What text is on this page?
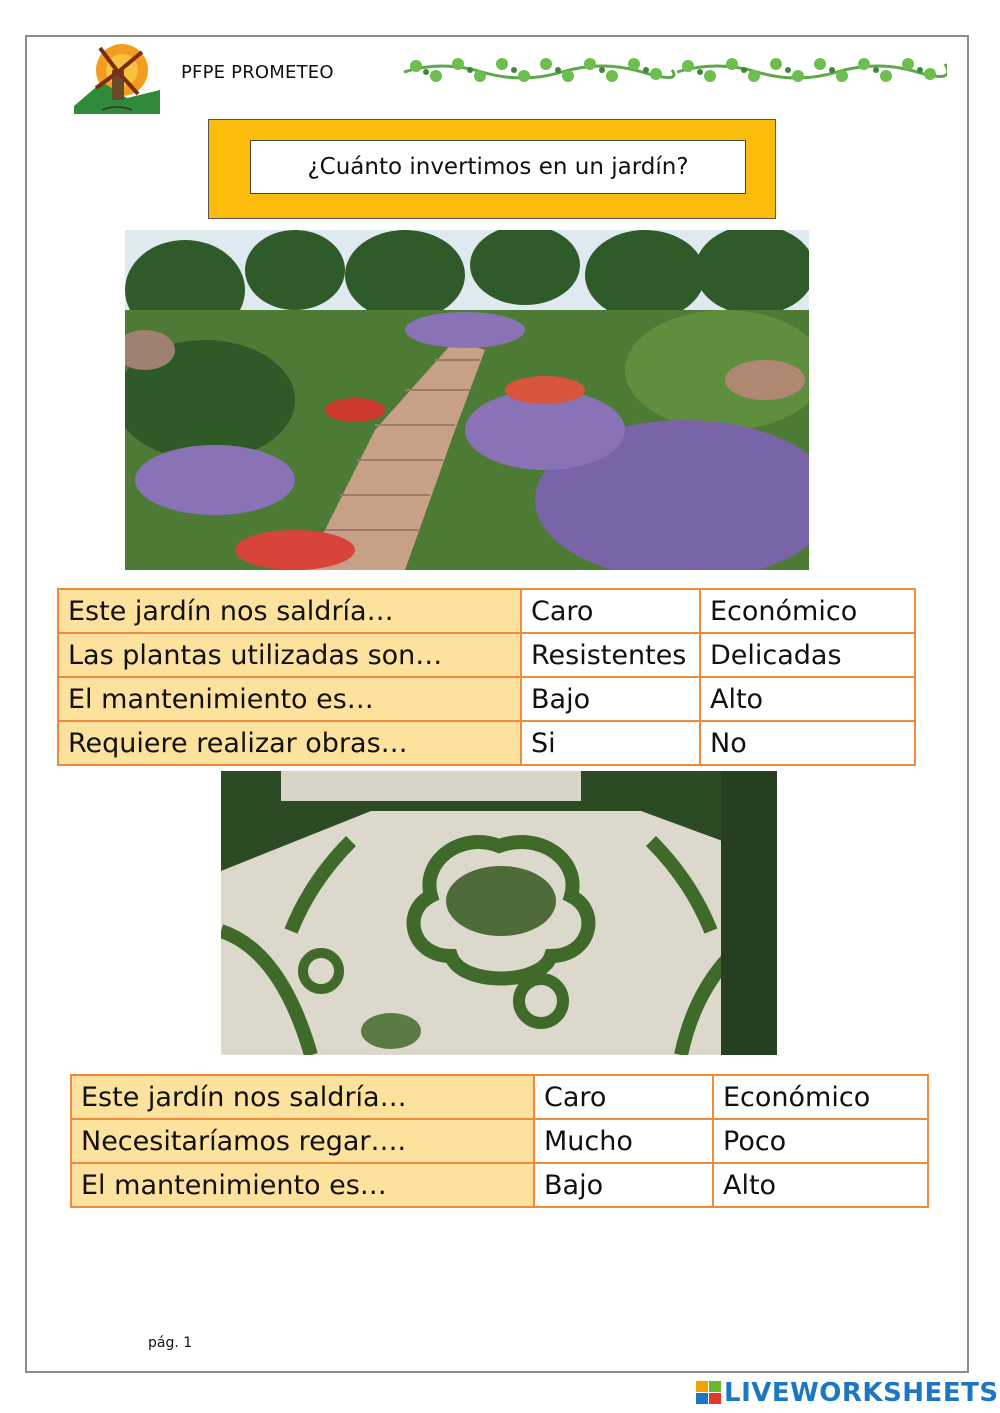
PFPE PROMETEO
¿Cuánto invertimos en un jardín?
Este jardín nos saldría…	Caro	Económico
Las plantas utilizadas son…	Resistentes	Delicadas
El mantenimiento es…	Bajo	Alto
Requiere realizar obras…	Si	No
Este jardín nos saldría…	Caro	Económico
Necesitaríamos regar….	Mucho	Poco
El mantenimiento es…	Bajo	Alto
pág. 1
LIVEWORKSHEETS
